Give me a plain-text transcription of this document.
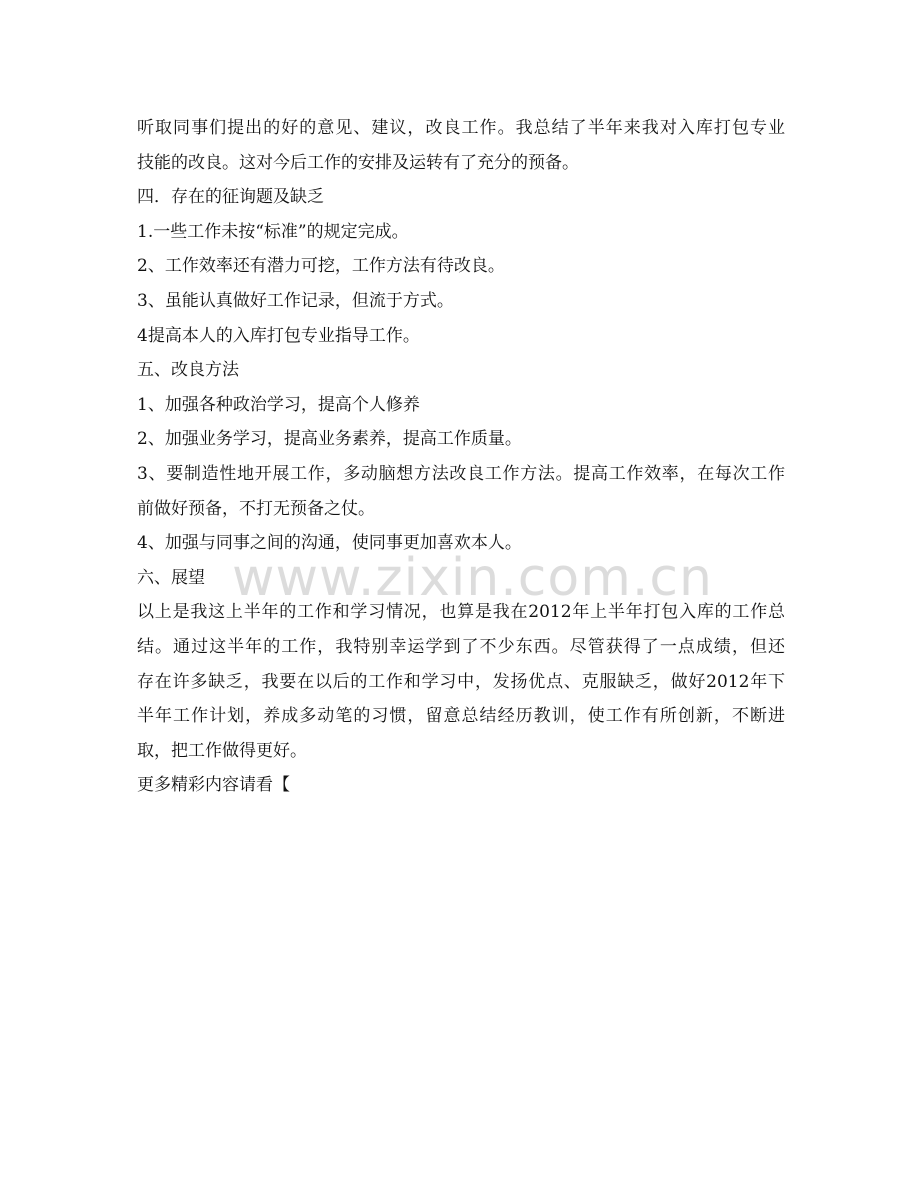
www.zixin.com.cn
听取同事们提出的好的意见、建议，改良工作。我总结了半年来我对入库打包专业
技能的改良。这对今后工作的安排及运转有了充分的预备。
四．存在的征询题及缺乏
1.一些工作未按“标准”的规定完成。
2、工作效率还有潜力可挖，工作方法有待改良。
3、虽能认真做好工作记录，但流于方式。
4提高本人的入库打包专业指导工作。
五、改良方法
1、加强各种政治学习，提高个人修养
2、加强业务学习，提高业务素养，提高工作质量。
3、要制造性地开展工作，多动脑想方法改良工作方法。提高工作效率，在每次工作
前做好预备，不打无预备之仗。
4、加强与同事之间的沟通，使同事更加喜欢本人。
六、展望
以上是我这上半年的工作和学习情况，也算是我在2012年上半年打包入库的工作总
结。通过这半年的工作，我特别幸运学到了不少东西。尽管获得了一点成绩，但还
存在许多缺乏，我要在以后的工作和学习中，发扬优点、克服缺乏，做好2012年下
半年工作计划，养成多动笔的习惯，留意总结经历教训，使工作有所创新，不断进
取，把工作做得更好。
更多精彩内容请看【
